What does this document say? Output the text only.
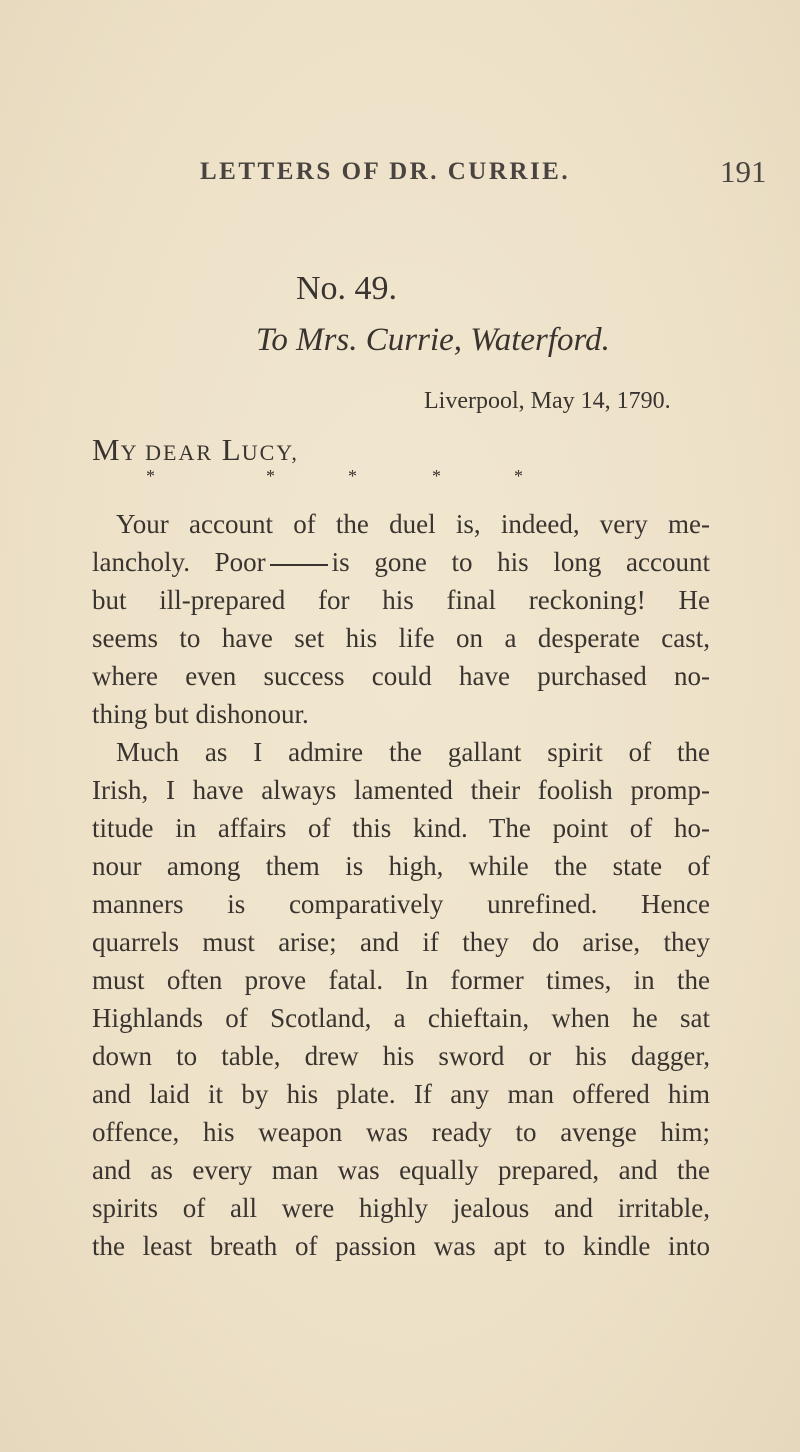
LETTERS OF DR. CURRIE.	191
No. 49.
To Mrs. Currie, Waterford.
Liverpool, May 14, 1790.
MY DEAR LUCY,
*	*	*	*	*
Your account of the duel is, indeed, very me-
lancholy. Poor is gone to his long account
but ill-prepared for his final reckoning! He
seems to have set his life on a desperate cast,
where even success could have purchased no-
thing but dishonour.
Much as I admire the gallant spirit of the
Irish, I have always lamented their foolish promp-
titude in affairs of this kind. The point of ho-
nour among them is high, while the state of
manners is comparatively unrefined. Hence
quarrels must arise; and if they do arise, they
must often prove fatal. In former times, in the
Highlands of Scotland, a chieftain, when he sat
down to table, drew his sword or his dagger,
and laid it by his plate. If any man offered him
offence, his weapon was ready to avenge him;
and as every man was equally prepared, and the
spirits of all were highly jealous and irritable,
the least breath of passion was apt to kindle into
